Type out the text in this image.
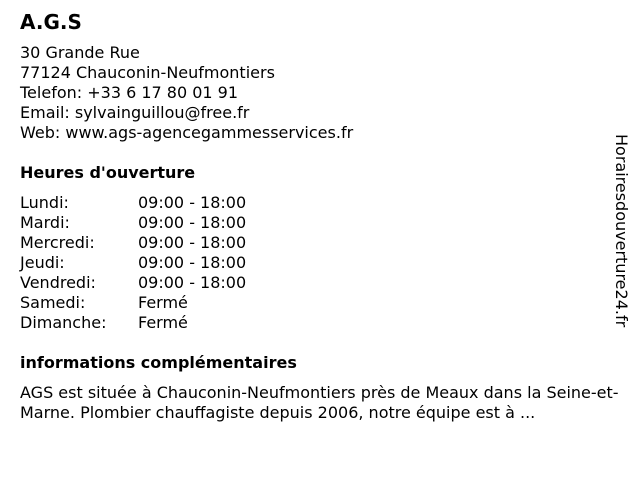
A.G.S
30 Grande Rue
77124 Chauconin-Neufmontiers
Telefon: +33 6 17 80 01 91
Email: sylvainguillou@free.fr
Web: www.ags-agencegammesservices.fr
Heures d'ouverture
Lundi:	09:00 - 18:00
Mardi:	09:00 - 18:00
Mercredi:	09:00 - 18:00
Jeudi:	09:00 - 18:00
Vendredi:	09:00 - 18:00
Samedi:	Fermé
Dimanche: Fermé
informations complémentaires
AGS est située à Chauconin-Neufmontiers près de Meaux dans la Seine-et-Marne. Plombier chauffagiste depuis 2006, notre équipe est à ...
Horairesdouverture24.fr
